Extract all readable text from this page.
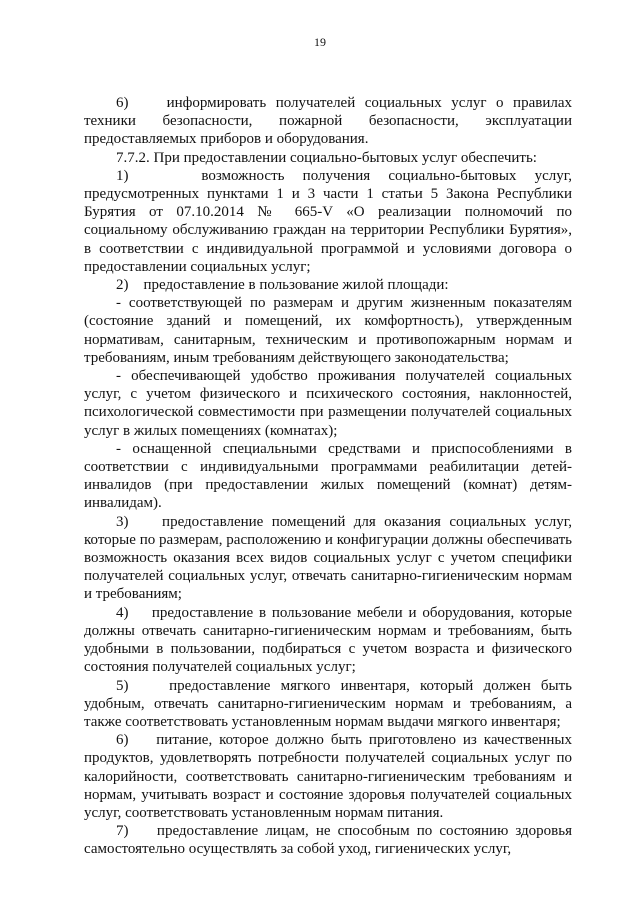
19

6)    информировать получателей социальных услуг о правилах техники безопасности, пожарной безопасности, эксплуатации предоставляемых приборов и оборудования.

7.7.2. При предоставлении социально-бытовых услуг обеспечить:

1)    возможность получения социально-бытовых услуг, предусмотренных пунктами 1 и 3 части 1 статьи 5 Закона Республики Бурятия от 07.10.2014 № 665-V «О реализации полномочий по социальному обслуживанию граждан на территории Республики Бурятия», в соответствии с индивидуальной программой и условиями договора о предоставлении социальных услуг;

2)    предоставление в пользование жилой площади:

- соответствующей по размерам и другим жизненным показателям (состояние зданий и помещений, их комфортность), утвержденным нормативам, санитарным, техническим и противопожарным нормам и требованиям, иным требованиям действующего законодательства;

- обеспечивающей удобство проживания получателей социальных услуг, с учетом физического и психического состояния, наклонностей, психологической совместимости при размещении получателей социальных услуг в жилых помещениях (комнатах);

- оснащенной специальными средствами и приспособлениями в соответствии с индивидуальными программами реабилитации детей-инвалидов (при предоставлении жилых помещений (комнат) детям-инвалидам).

3)    предоставление помещений для оказания социальных услуг, которые по размерам, расположению и конфигурации должны обеспечивать возможность оказания всех видов социальных услуг с учетом специфики получателей социальных услуг, отвечать санитарно-гигиеническим нормам и требованиям;

4)    предоставление в пользование мебели и оборудования, которые должны отвечать санитарно-гигиеническим нормам и требованиям, быть удобными в пользовании, подбираться с учетом возраста и физического состояния получателей социальных услуг;

5)    предоставление мягкого инвентаря, который должен быть удобным, отвечать санитарно-гигиеническим нормам и требованиям, а также соответствовать установленным нормам выдачи мягкого инвентаря;

6)    питание, которое должно быть приготовлено из качественных продуктов, удовлетворять потребности получателей социальных услуг по калорийности, соответствовать санитарно-гигиеническим требованиям и нормам, учитывать возраст и состояние здоровья получателей социальных услуг, соответствовать установленным нормам питания.

7)    предоставление лицам, не способным по состоянию здоровья самостоятельно осуществлять за собой уход, гигиенических услуг,
